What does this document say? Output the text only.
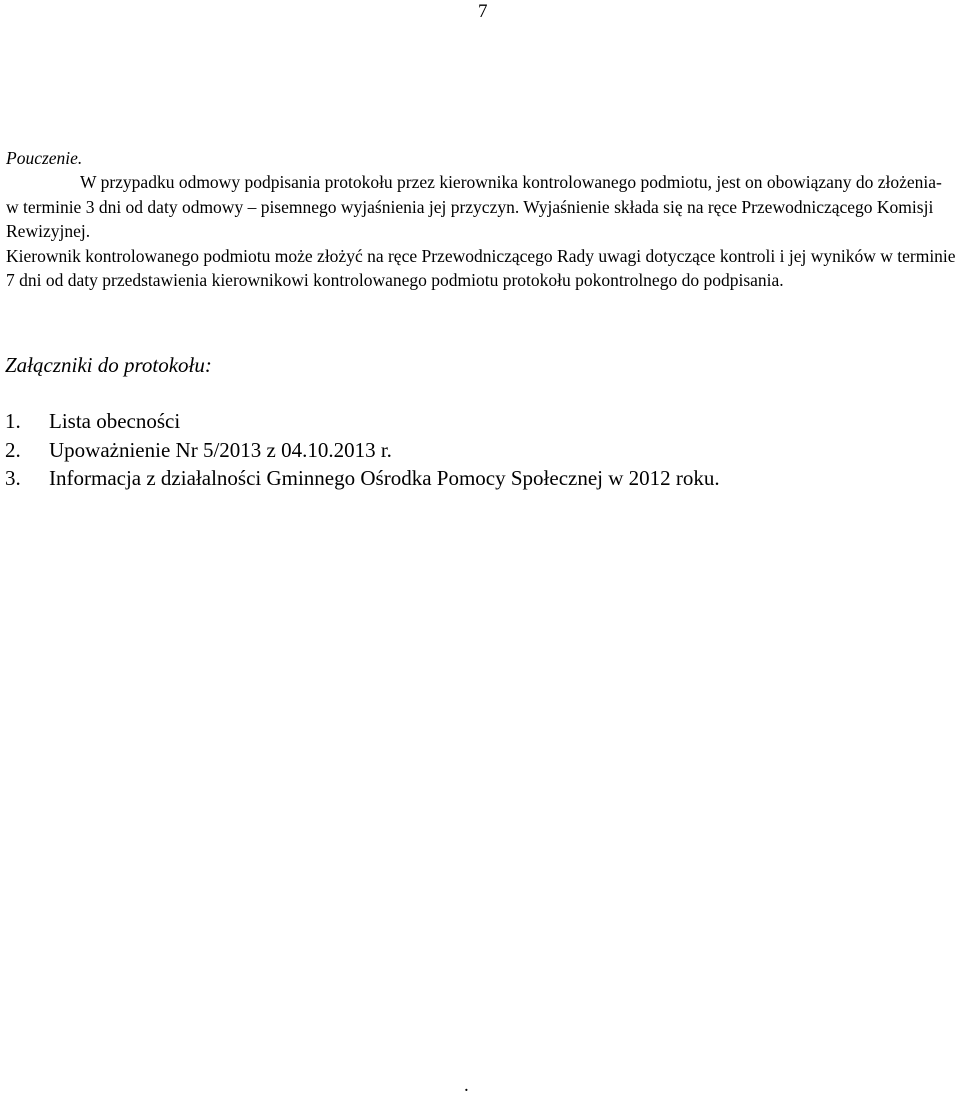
7
Pouczenie.

W przypadku odmowy podpisania protokołu przez kierownika kontrolowanego podmiotu, jest on obowiązany do złożenia- w terminie 3 dni od daty odmowy – pisemnego wyjaśnienia jej przyczyn. Wyjaśnienie składa się na ręce Przewodniczącego Komisji Rewizyjnej.

Kierownik kontrolowanego podmiotu może złożyć na ręce Przewodniczącego Rady uwagi dotyczące kontroli i jej wyników w terminie 7 dni od daty przedstawienia kierownikowi kontrolowanego podmiotu protokołu pokontrolnego do podpisania.

Załączniki do protokołu:
1.	Lista obecności
2.	Upoważnienie Nr 5/2013 z 04.10.2013 r.
3.	Informacja z działalności Gminnego Ośrodka Pomocy Społecznej w 2012 roku.
.
